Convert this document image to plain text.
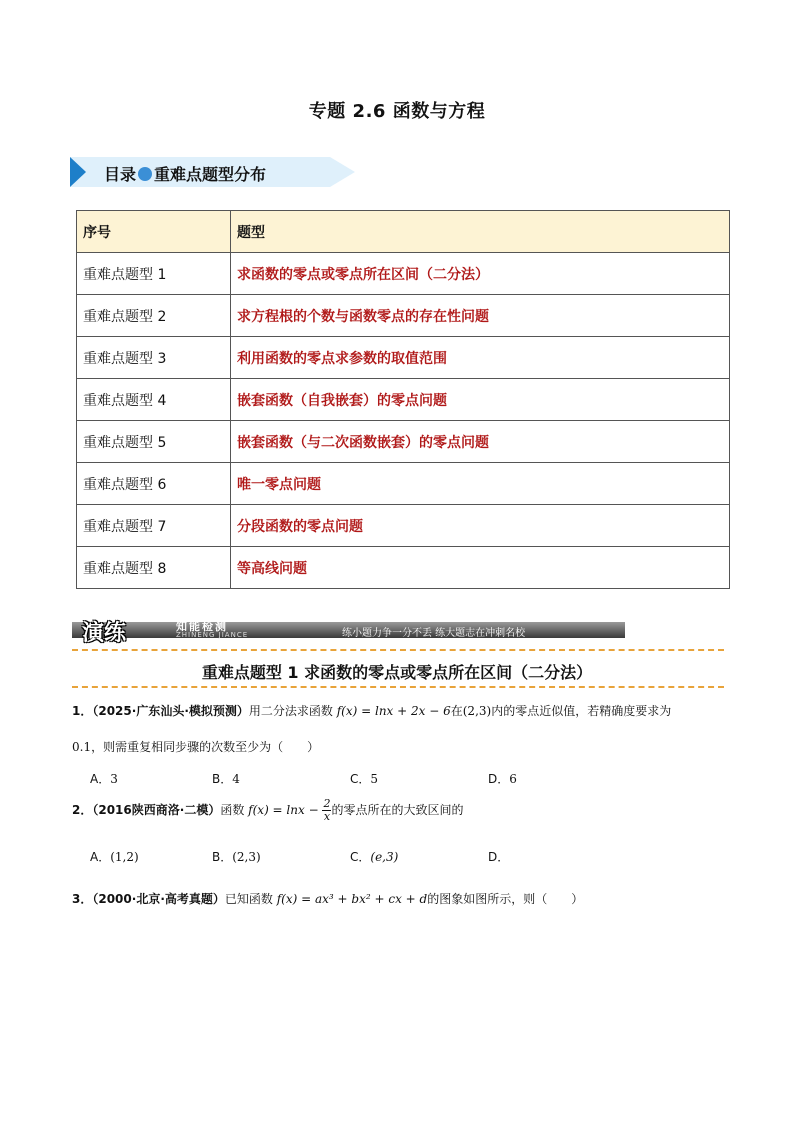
专题 2.6 函数与方程
目录 重难点题型分布
序号	题型
重难点题型 1	求函数的零点或零点所在区间（二分法）
重难点题型 2	求方程根的个数与函数零点的存在性问题
重难点题型 3	利用函数的零点求参数的取值范围
重难点题型 4	嵌套函数（自我嵌套）的零点问题
重难点题型 5	嵌套函数（与二次函数嵌套）的零点问题
重难点题型 6	唯一零点问题
重难点题型 7	分段函数的零点问题
重难点题型 8	等高线问题
演练	知能检测
ZHINENG JIANCE	练小题力争一分不丢 练大题志在冲刺名校
重难点题型 1 求函数的零点或零点所在区间（二分法）
1．（2025·广东汕头·模拟预测）用二分法求函数 f(x) = lnx + 2x − 6在(2,3)内的零点近似值，若精确度要求为
0.1，则需重复相同步骤的次数至少为（　　）
A．3	B．4	C．5	D．6
2．（2016陕西商洛·二模）函数 $f(x) = \ln x - \frac{2}{x}$ 的零点所在的大致区间的
A．(1,2)	B．(2,3)	C．(e,3)	D．
3．（2000·北京·高考真题）已知函数 f(x) = ax³ + bx² + cx + d的图象如图所示，则（　　）
